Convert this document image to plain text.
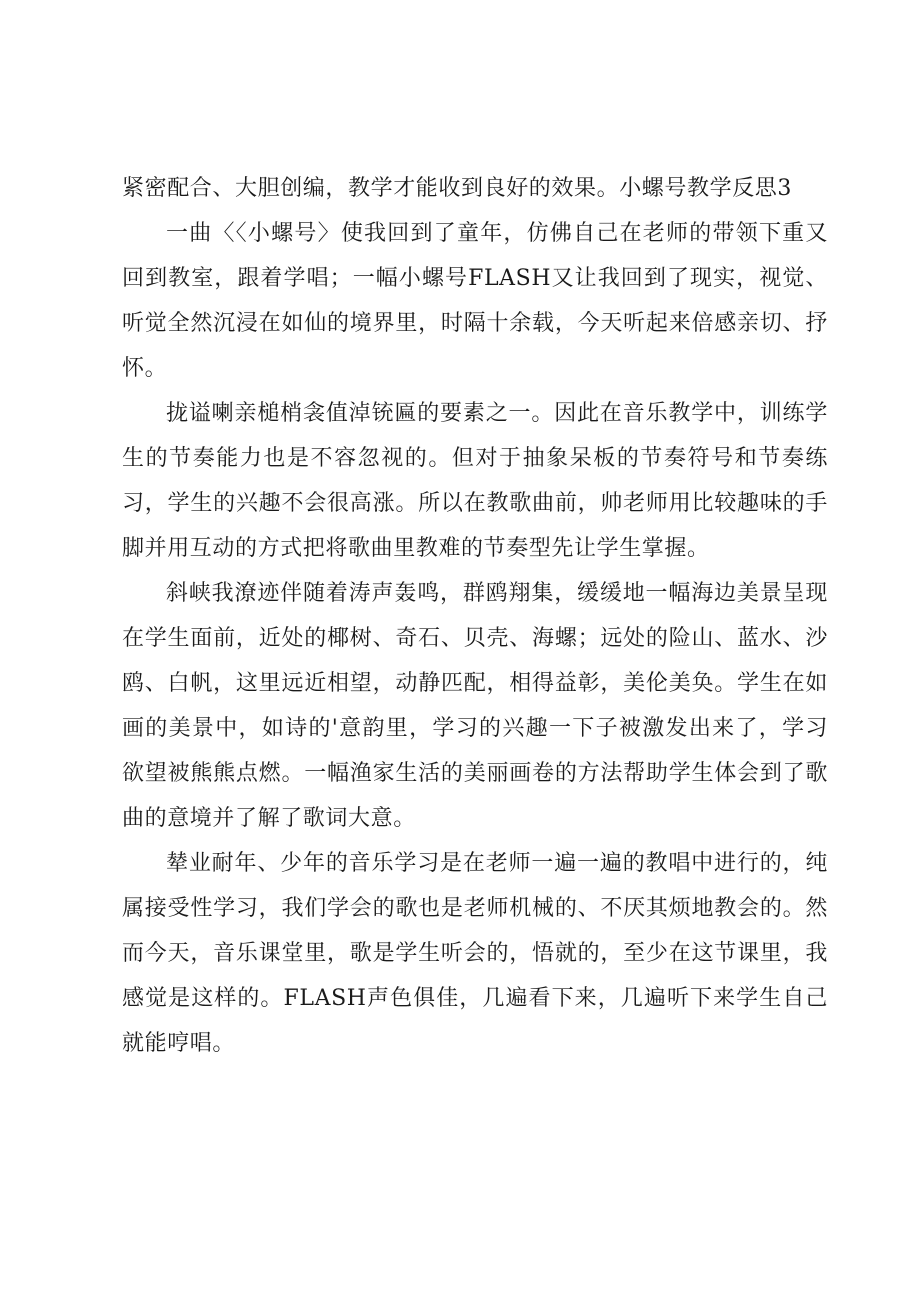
紧密配合、大胆创编，教学才能收到良好的效果。小螺号教学反思3

一曲〈〈小螺号〉使我回到了童年，仿佛自己在老师的带领下重又回到教室，跟着学唱；一幅小螺号FLASH又让我回到了现实，视觉、听觉全然沉浸在如仙的境界里，时隔十余载，今天听起来倍感亲切、抒怀。

拢谥喇亲槌梢衾值淖铳匾的要素之一。因此在音乐教学中，训练学生的节奏能力也是不容忽视的。但对于抽象呆板的节奏符号和节奏练习，学生的兴趣不会很高涨。所以在教歌曲前，帅老师用比较趣味的手脚并用互动的方式把将歌曲里教难的节奏型先让学生掌握。

斜峡我潦迹伴随着涛声轰鸣，群鸥翔集，缓缓地一幅海边美景呈现在学生面前，近处的椰树、奇石、贝壳、海螺；远处的险山、蓝水、沙鸥、白帆，这里远近相望，动静匹配，相得益彰，美伦美奂。学生在如画的美景中，如诗的'意韵里，学习的兴趣一下子被激发出来了，学习欲望被熊熊点燃。一幅渔家生活的美丽画卷的方法帮助学生体会到了歌曲的意境并了解了歌词大意。

辇业耐年、少年的音乐学习是在老师一遍一遍的教唱中进行的，纯属接受性学习，我们学会的歌也是老师机械的、不厌其烦地教会的。然而今天，音乐课堂里，歌是学生听会的，悟就的，至少在这节课里，我感觉是这样的。FLASH声色俱佳，几遍看下来，几遍听下来学生自己就能哼唱。
